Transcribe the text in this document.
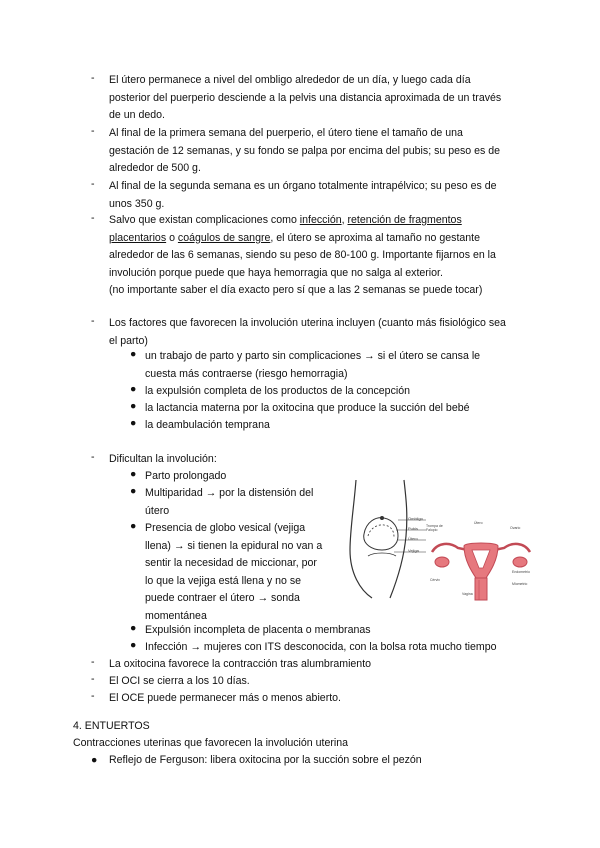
- El útero permanece a nivel del ombligo alrededor de un día, y luego cada día
posterior del puerperio desciende a la pelvis una distancia aproximada de un través
de un dedo.
- Al final de la primera semana del puerperio, el útero tiene el tamaño de una
gestación de 12 semanas, y su fondo se palpa por encima del pubis; su peso es de
alrededor de 500 g.
- Al final de la segunda semana es un órgano totalmente intrapélvico; su peso es de
unos 350 g.
- Salvo que existan complicaciones como infección, retención de fragmentos
placentarios o coágulos de sangre, el útero se aproxima al tamaño no gestante
alrededor de las 6 semanas, siendo su peso de 80-100 g. Importante fijarnos en la
involución porque puede que haya hemorragia que no salga al exterior.
(no importante saber el día exacto pero sí que a las 2 semanas se puede tocar)
- Los factores que favorecen la involución uterina incluyen (cuanto más fisiológico sea
el parto)
● un trabajo de parto y parto sin complicaciones → si el útero se cansa le
cuesta más contraerse (riesgo hemorragia)
● la expulsión completa de los productos de la concepción
● la lactancia materna por la oxitocina que produce la succión del bebé
● la deambulación temprana
- Dificultan la involución:
● Parto prolongado
● Multiparidad → por la distensión del
útero
● Presencia de globo vesical (vejiga
llena) → si tienen la epidural no van a
sentir la necesidad de miccionar, por
lo que la vejiga está llena y no se
puede contraer el útero → sonda
momentánea
● Expulsión incompleta de placenta o membranas
● Infección → mujeres con ITS desconocida, con la bolsa rota mucho tiempo
- La oxitocina favorece la contracción tras alumbramiento
- El OCI se cierra a los 10 días.
- El OCE puede permanecer más o menos abierto.
4. ENTUERTOS
Contracciones uterinas que favorecen la involución uterina
● Reflejo de Ferguson: libera oxitocina por la succión sobre el pezón
Ombligo
Pubis
Útero
Vejiga
Trompa de Falopio
Útero
Ovario
Endometrio
Miometrio
Cérvix
Vagina
